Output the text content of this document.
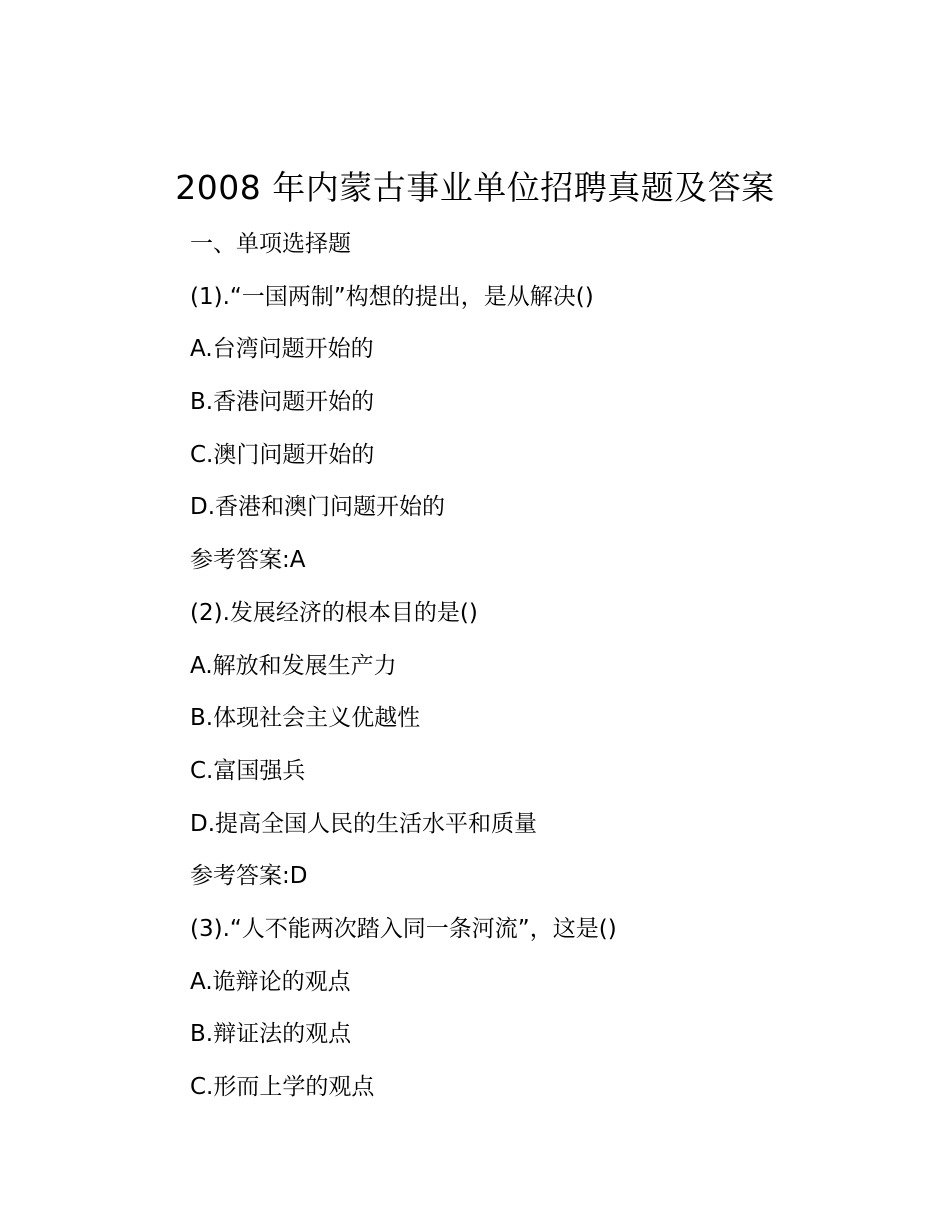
2008 年内蒙古事业单位招聘真题及答案
一、单项选择题
(1).“一国两制”构想的提出，是从解决()
A.台湾问题开始的
B.香港问题开始的
C.澳门问题开始的
D.香港和澳门问题开始的
参考答案:A
(2).发展经济的根本目的是()
A.解放和发展生产力
B.体现社会主义优越性
C.富国强兵
D.提高全国人民的生活水平和质量
参考答案:D
(3).“人不能两次踏入同一条河流”，这是()
A.诡辩论的观点
B.辩证法的观点
C.形而上学的观点
